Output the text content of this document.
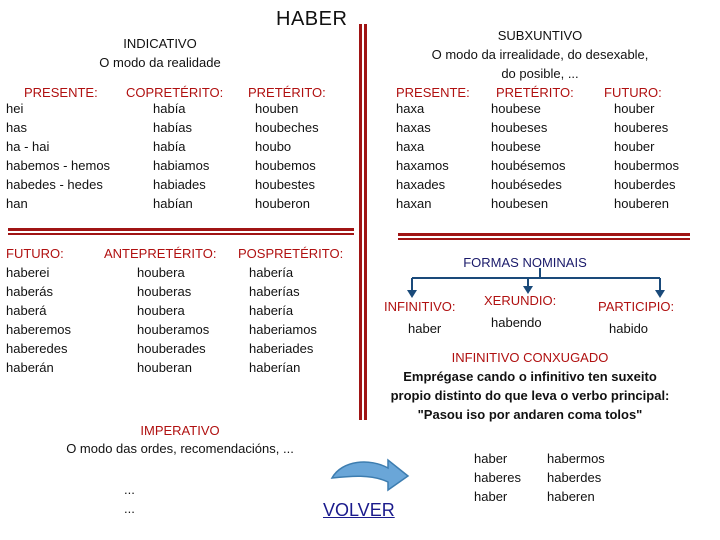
HABER
INDICATIVO
O modo da realidade
SUBXUNTIVO
O modo da irrealidade, do desexable,
do posible, ...
PRESENTE: COPRETÉRITO: PRETÉRITO:
hei
has
ha - hai
habemos - hemos
habedes - hedes
han
había
habías
había
habiamos
habiades
habían
houben
houbeches
houbo
houbemos
houbestes
houberon
FUTURO:	ANTEPRETÉRITO: POSPRETÉRITO:
haberei
haberás
haberá
haberemos
haberedes
haberán
houbera
houberas
houbera
houberamos
houberades
houberan
habería
haberías
habería
haberiamos
haberiades
haberían
PRESENTE: PRETÉRITO: FUTURO:
haxa
haxas
haxa
haxamos
haxades
haxan
houbese
houbeses
houbese
houbésemos
houbésedes
houbesen
houber
houberes
houber
houbermos
houberdes
houberen
IMPERATIVO
O modo das ordes, recomendacións, ...
...
...
FORMAS NOMINAIS
INFINITIVO:
haber
XERUNDIO:
habendo
PARTICIPIO:
habido
INFINITIVO CONXUGADO
Emprégase cando o infinitivo ten suxeito
propio distinto do que leva o verbo principal:
"Pasou iso por andaren coma tolos"
haber
haberes
haber
habermos
haberdes
haberen
VOLVER
